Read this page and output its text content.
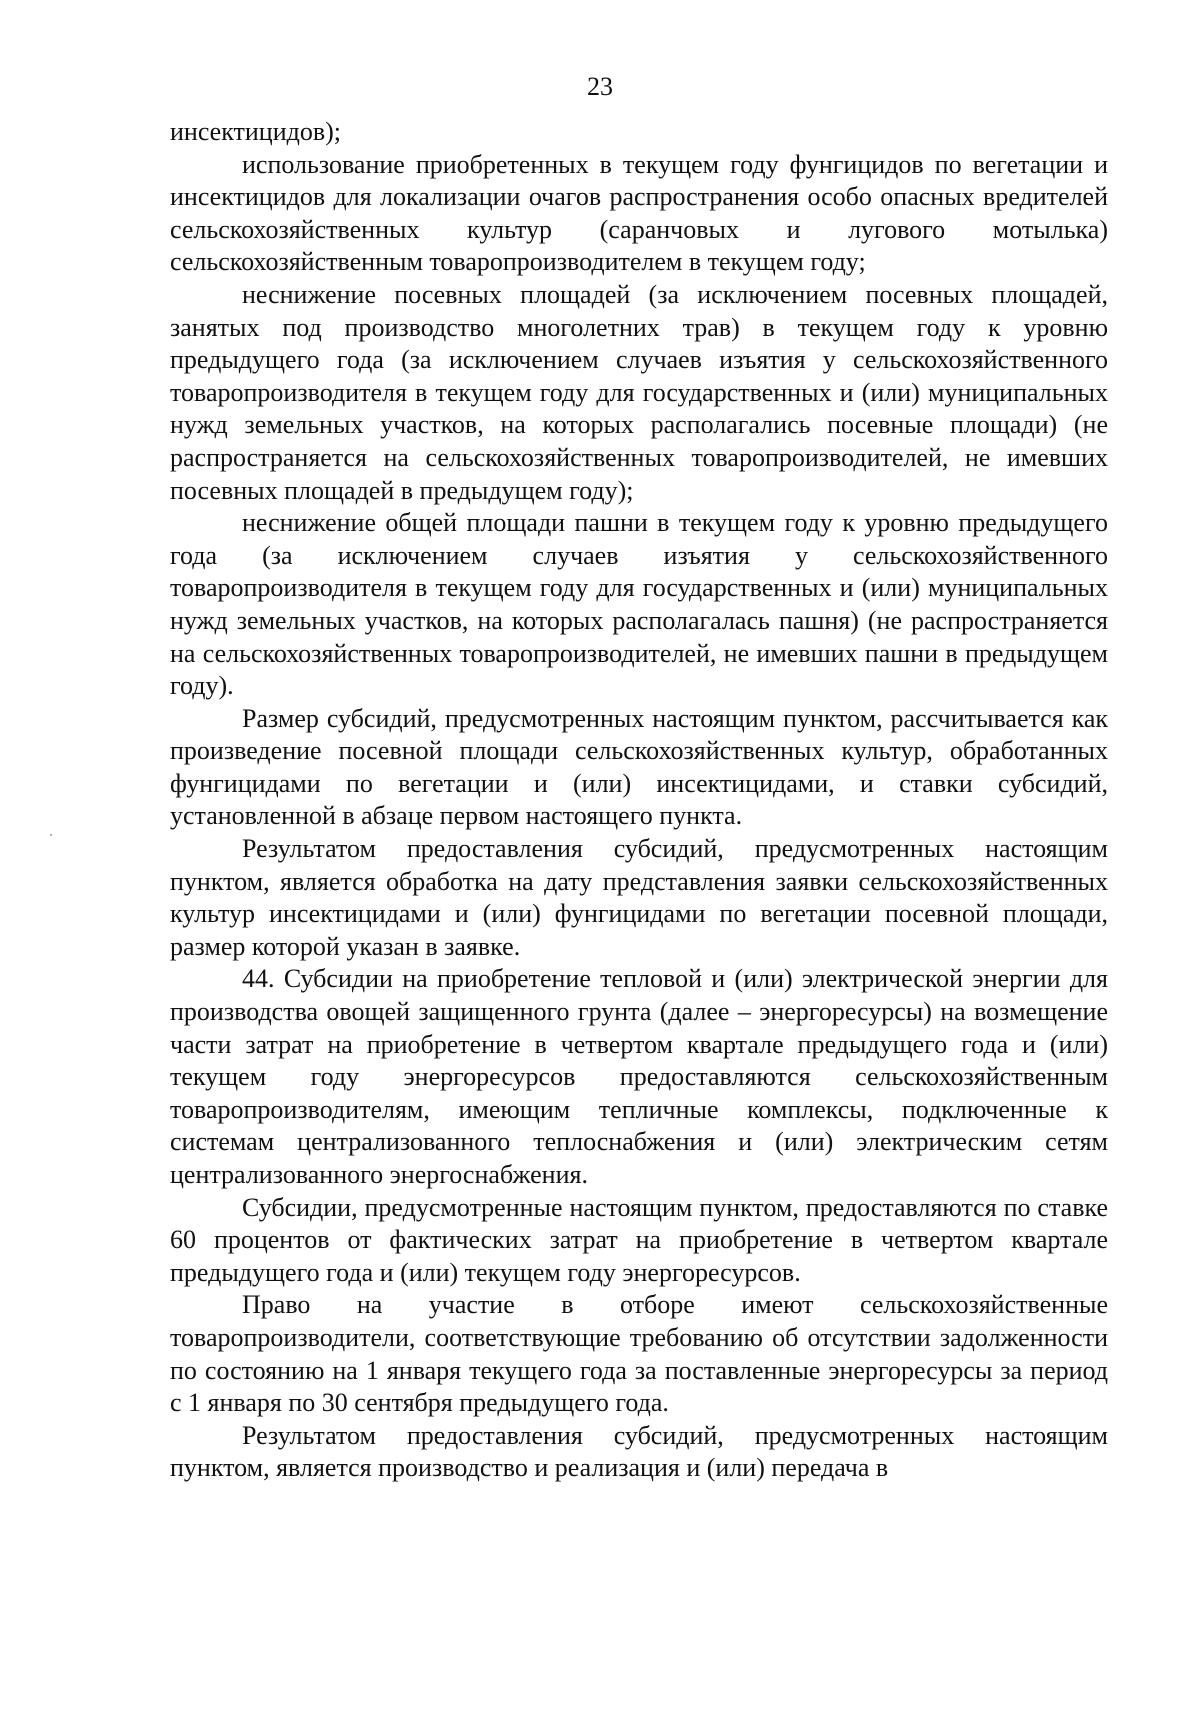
23

инсектицидов);

использование приобретенных в текущем году фунгицидов по вегетации и инсектицидов для локализации очагов распространения особо опасных вредителей сельскохозяйственных культур (саранчовых и лугового мотылька) сельскохозяйственным товаропроизводителем в текущем году;

неснижение посевных площадей (за исключением посевных площадей, занятых под производство многолетних трав) в текущем году к уровню предыдущего года (за исключением случаев изъятия у сельскохозяйственного товаропроизводителя в текущем году для государственных и (или) муниципальных нужд земельных участков, на которых располагались посевные площади) (не распространяется на сельскохозяйственных товаропроизводителей, не имевших посевных площадей в предыдущем году);

неснижение общей площади пашни в текущем году к уровню предыдущего года (за исключением случаев изъятия у сельскохозяйственного товаропроизводителя в текущем году для государственных и (или) муниципальных нужд земельных участков, на которых располагалась пашня) (не распространяется на сельскохозяйственных товаропроизводителей, не имевших пашни в предыдущем году).

Размер субсидий, предусмотренных настоящим пунктом, рассчитывается как произведение посевной площади сельскохозяйственных культур, обработанных фунгицидами по вегетации и (или) инсектицидами, и ставки субсидий, установленной в абзаце первом настоящего пункта.

Результатом предоставления субсидий, предусмотренных настоящим пунктом, является обработка на дату представления заявки сельскохозяйственных культур инсектицидами и (или) фунгицидами по вегетации посевной площади, размер которой указан в заявке.

44. Субсидии на приобретение тепловой и (или) электрической энергии для производства овощей защищенного грунта (далее – энергоресурсы) на возмещение части затрат на приобретение в четвертом квартале предыдущего года и (или) текущем году энергоресурсов предоставляются сельскохозяйственным товаропроизводителям, имеющим тепличные комплексы, подключенные к системам централизованного теплоснабжения и (или) электрическим сетям централизованного энергоснабжения.

Субсидии, предусмотренные настоящим пунктом, предоставляются по ставке 60 процентов от фактических затрат на приобретение в четвертом квартале предыдущего года и (или) текущем году энергоресурсов.

Право на участие в отборе имеют сельскохозяйственные товаропроизводители, соответствующие требованию об отсутствии задолженности по состоянию на 1 января текущего года за поставленные энергоресурсы за период с 1 января по 30 сентября предыдущего года.

Результатом предоставления субсидий, предусмотренных настоящим пунктом, является производство и реализация и (или) передача в
